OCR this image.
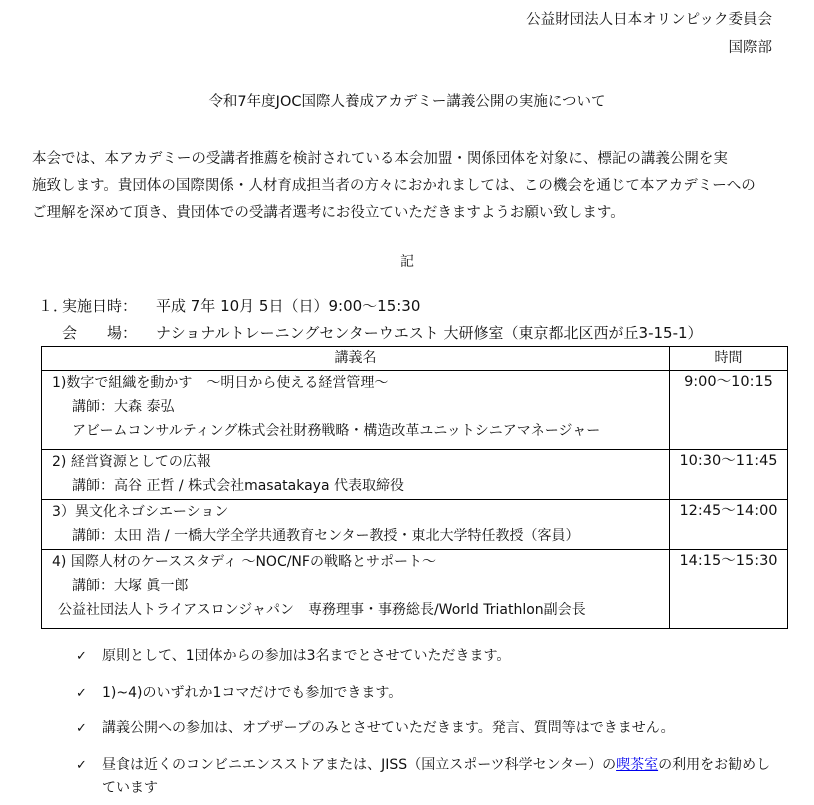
公益財団法人日本オリンピック委員会
国際部
令和7年度JOC国際人養成アカデミー講義公開の実施について
本会では、本アカデミーの受講者推薦を検討されている本会加盟・関係団体を対象に、標記の講義公開を実
施致します。貴団体の国際関係・人材育成担当者の方々におかれましては、この機会を通じて本アカデミーへの
ご理解を深めて頂き、貴団体での受講者選考にお役立ていただきますようお願い致します。
記
１．実施日時： 平成 7年 10月 5日（日）9:00～15:30
会　　場： ナショナルトレーニングセンターウエスト 大研修室（東京都北区西が丘3-15-1）
講義名	時間

1)数字で組織を動かす　～明日から使える経営管理～
講師：大森 泰弘
アビームコンサルティング株式会社財務戦略・構造改革ユニットシニアマネージャー	9:00～10:15

2) 経営資源としての広報
講師：高谷 正哲 / 株式会社masatakaya 代表取締役	10:30～11:45

3）異文化ネゴシエーション
講師：太田 浩 / 一橋大学全学共通教育センター教授・東北大学特任教授（客員）	12:45～14:00

4) 国際人材のケーススタディ ～NOC/NFの戦略とサポート～
講師：大塚 眞一郎
公益社団法人トライアスロンジャパン　専務理事・事務総長/World Triathlon副会長	14:15～15:30
✓ 原則として、1団体からの参加は3名までとさせていただきます。
✓ 1)~4)のいずれか1コマだけでも参加できます。
✓ 講義公開への参加は、オブザーブのみとさせていただきます。発言、質問等はできません。
✓ 昼食は近くのコンビニエンスストアまたは、JISS（国立スポーツ科学センター）の喫茶室の利用をお勧めし
ています
